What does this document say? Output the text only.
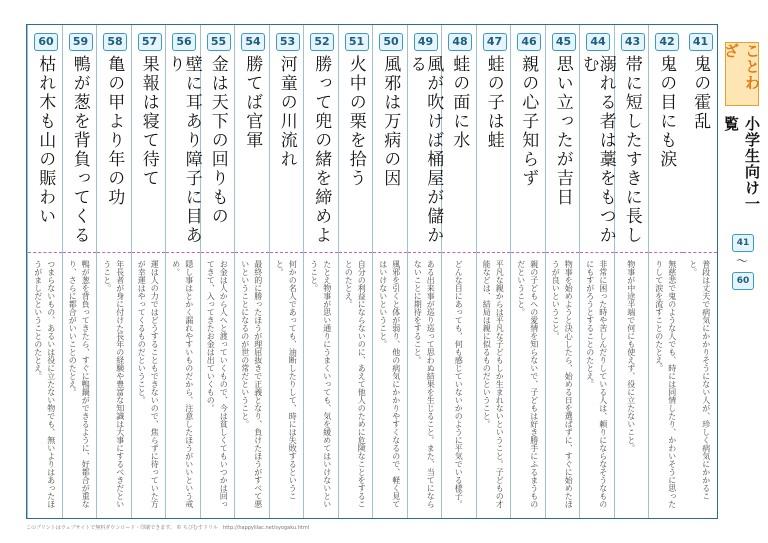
41
鬼の霍乱
普段は丈夫で病気にかかりそうにない人が、珍しく病気にかかること。
42
鬼の目にも涙
無慈悲で鬼のような人でも、時には同情したり、かわいそうに思ったりして涙を流すことのたとえ。
43
帯に短したすきに長し
物事が中途半端で何にも使えず、役に立たないこと。
44
溺れる者は藁をもつかむ
非常に困った時や苦しんだりしている人は、頼りにならなそうなものにもすがろうとすることのたとえ。
45
思い立ったが吉日
物事を始めようと決心したら、始める日を選ばずに、すぐに始めたほうが良いということ。
46
親の心子知らず
親の子どもへの愛情を知らないで、子どもは好き勝手にふるまうものだということ。
47
蛙の子は蛙
平凡な親からは平凡な子どもしか生まれないということ。子どもの才能などは、結局は親に似るものだということ。
48
蛙の面に水
どんな目にあっても、何も感じていないかのように平気でいる様子。
49
風が吹けば桶屋が儲かる
ある出来事が巡り巡って思わぬ結果を生じること。また、当てにならないことに期待をすること。
50
風邪は万病の因
風邪を引くと体が弱り、他の病気にかかりやすくなるので、軽く見てはいけないということ。
51
火中の栗を拾う
自分の利益にならないのに、あえて他人のために危険なことをすることのたとえ。
52
勝って兜の緒を締めよ
たとえ物事が思い通りにうまくいっても、気を緩めてはいけないということ。
53
河童の川流れ
何かの名人であっても、油断したりして、時には失敗するということ。
54
勝てば官軍
最終的に勝ったほうが理屈抜きで正義となり、負けたほうがすべて悪いということになるのが世の常だということ。
55
金は天下の回りもの
お金は人から人へと渡っていくもので、今は貧しくてもいつかは回ってきて、入ってきたお金は出ていくもの。
56
壁に耳あり障子に目あり
隠し事はとかく漏れやすいものだから、注意したほうがいいという戒め。
57
果報は寝て待て
運は人の力ではどうすることもできないので、焦らずに待っていた方が幸運はやってくるものだということ。
58
亀の甲より年の功
年長者が身に付けた長年の経験や豊富な知識は大事にするべきだということ。
59
鴨が葱を背負ってくる
鴨が葱を背負ってきたら、すぐに鴨鍋ができるように、好都合が重なり、さらに都合がいいことのたとえ。
60
枯れ木も山の賑わい
つまらないもの、あるいは役に立たない物でも、無いよりはあったほうがましだということのたとえ。
ことわざ
小学生向け一覧
41
〜
60
このプリントはウェブサイトで無料ダウンロード・印刷できます。 © ちびむすドリル　http://happylilac.net/syogaku.html
